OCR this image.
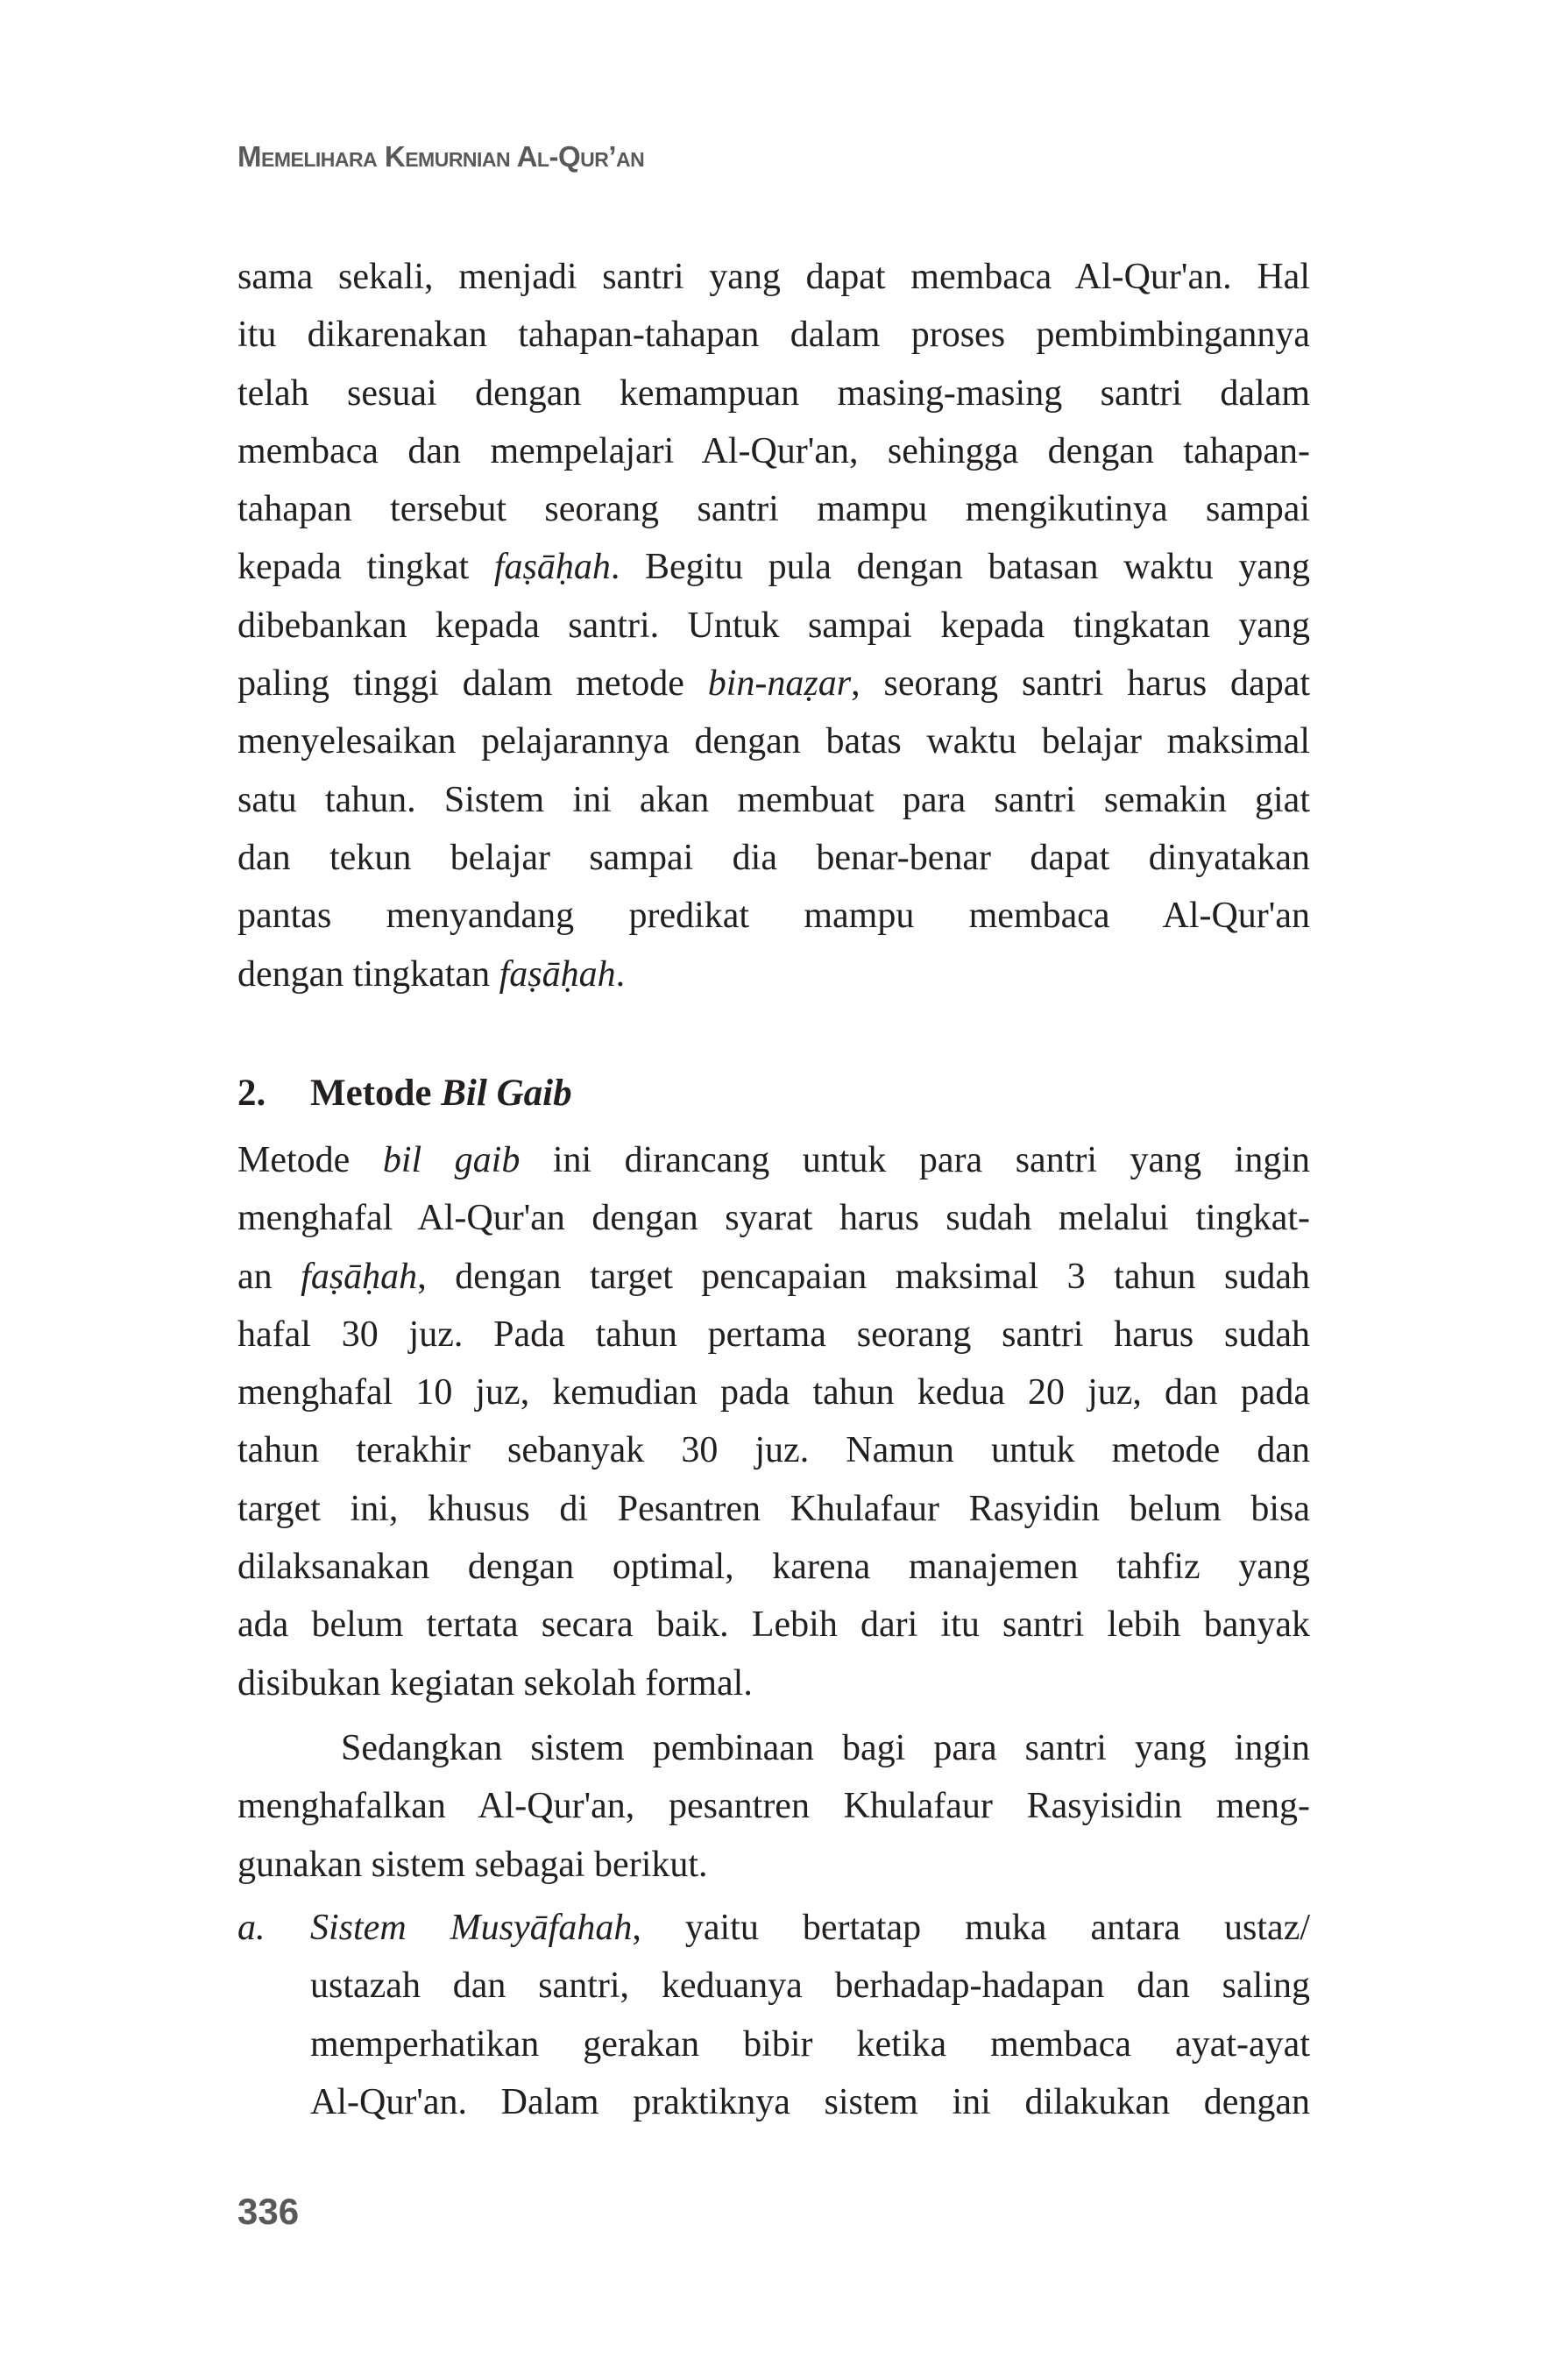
Memelihara Kemurnian Al-Qur’an
sama sekali, menjadi santri yang dapat membaca Al-Qur'an. Hal
itu dikarenakan tahapan-tahapan dalam proses pembimbingannya
telah sesuai dengan kemampuan masing-masing santri dalam
membaca dan mempelajari Al-Qur'an, sehingga dengan tahapan-
tahapan tersebut seorang santri mampu mengikutinya sampai
kepada tingkat faṣāḥah. Begitu pula dengan batasan waktu yang
dibebankan kepada santri. Untuk sampai kepada tingkatan yang
paling tinggi dalam metode bin-naẓar, seorang santri harus dapat
menyelesaikan pelajarannya dengan batas waktu belajar maksimal
satu tahun. Sistem ini akan membuat para santri semakin giat
dan tekun belajar sampai dia benar-benar dapat dinyatakan
pantas menyandang predikat mampu membaca Al-Qur'an
dengan tingkatan faṣāḥah.
2. Metode Bil Gaib
Metode bil gaib ini dirancang untuk para santri yang ingin
menghafal Al-Qur'an dengan syarat harus sudah melalui tingkat-
an faṣāḥah, dengan target pencapaian maksimal 3 tahun sudah
hafal 30 juz. Pada tahun pertama seorang santri harus sudah
menghafal 10 juz, kemudian pada tahun kedua 20 juz, dan pada
tahun terakhir sebanyak 30 juz. Namun untuk metode dan
target ini, khusus di Pesantren Khulafaur Rasyidin belum bisa
dilaksanakan dengan optimal, karena manajemen tahfiz yang
ada belum tertata secara baik. Lebih dari itu santri lebih banyak
disibukan kegiatan sekolah formal.
Sedangkan sistem pembinaan bagi para santri yang ingin
menghafalkan Al-Qur'an, pesantren Khulafaur Rasyisidin meng-
gunakan sistem sebagai berikut.
a.	Sistem Musyāfahah, yaitu bertatap muka antara ustaz/
ustazah dan santri, keduanya berhadap-hadapan dan saling
memperhatikan gerakan bibir ketika membaca ayat-ayat
Al-Qur'an. Dalam praktiknya sistem ini dilakukan dengan
336
